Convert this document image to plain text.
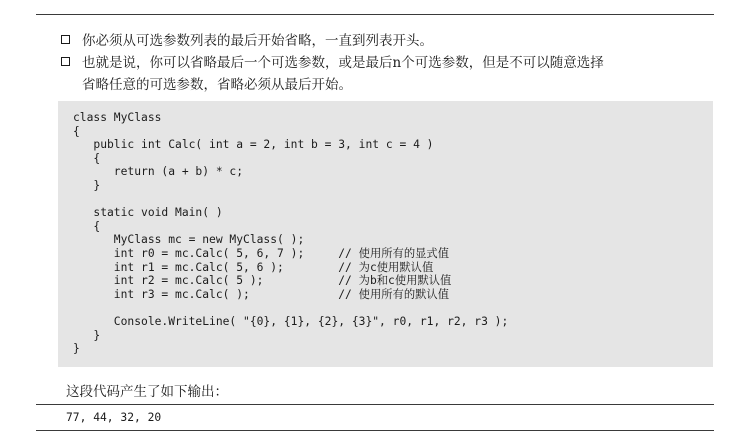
你必须从可选参数列表的最后开始省略，一直到列表开头。
也就是说，你可以省略最后一个可选参数，或是最后n个可选参数，但是不可以随意选择
省略任意的可选参数，省略必须从最后开始。
class MyClass
{
public int Calc( int a = 2, int b = 3, int c = 4 )
{
return (a + b) * c;
}

static void Main( )
{
MyClass mc = new MyClass( );
int r0 = mc.Calc( 5, 6, 7 );     // 使用所有的显式值
int r1 = mc.Calc( 5, 6 );        // 为c使用默认值
int r2 = mc.Calc( 5 );           // 为b和c使用默认值
int r3 = mc.Calc( );             // 使用所有的默认值

Console.WriteLine( "{0}, {1}, {2}, {3}", r0, r1, r2, r3 );
}
}
这段代码产生了如下输出：
77, 44, 32, 20
